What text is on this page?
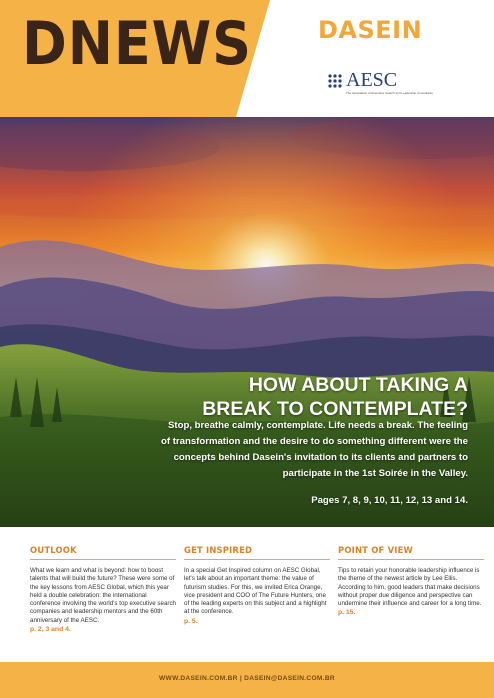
DNEWS	DASEIN
AESC
The Association of Executive Search and Leadership Consultants
HOW ABOUT TAKING A
BREAK TO CONTEMPLATE?
Stop, breathe calmly, contemplate. Life needs a break. The feeling
of transformation and the desire to do something different were the
concepts behind Dasein's invitation to its clients and partners to
participate in the 1st Soirée in the Valley.
Pages 7, 8, 9, 10, 11, 12, 13 and 14.
OUTLOOK

What we learn and what is beyond: how to boost talents that will build the future? These were some of the key lessons from AESC Global, which this year held a double celebration: the international conference involving the world's top executive search companies and leadership mentors and the 60th anniversary of the AESC.

p. 2, 3 and 4.
GET INSPIRED

In a special Get Inspired column on AESC Global, let's talk about an important theme: the value of futurism studies. For this, we invited Erica Orange, vice president and COO of The Future Hunters, one of the leading experts on this subject and a highlight at the conference.

p. 5.
POINT OF VIEW

Tips to retain your honorable leadership influence is the theme of the newest article by Lee Ellis. According to him, good leaders that make decisions without proper due diligence and perspective can undermine their influence and career for a long time.

p. 15.
WWW.DASEIN.COM.BR | DASEIN@DASEIN.COM.BR
